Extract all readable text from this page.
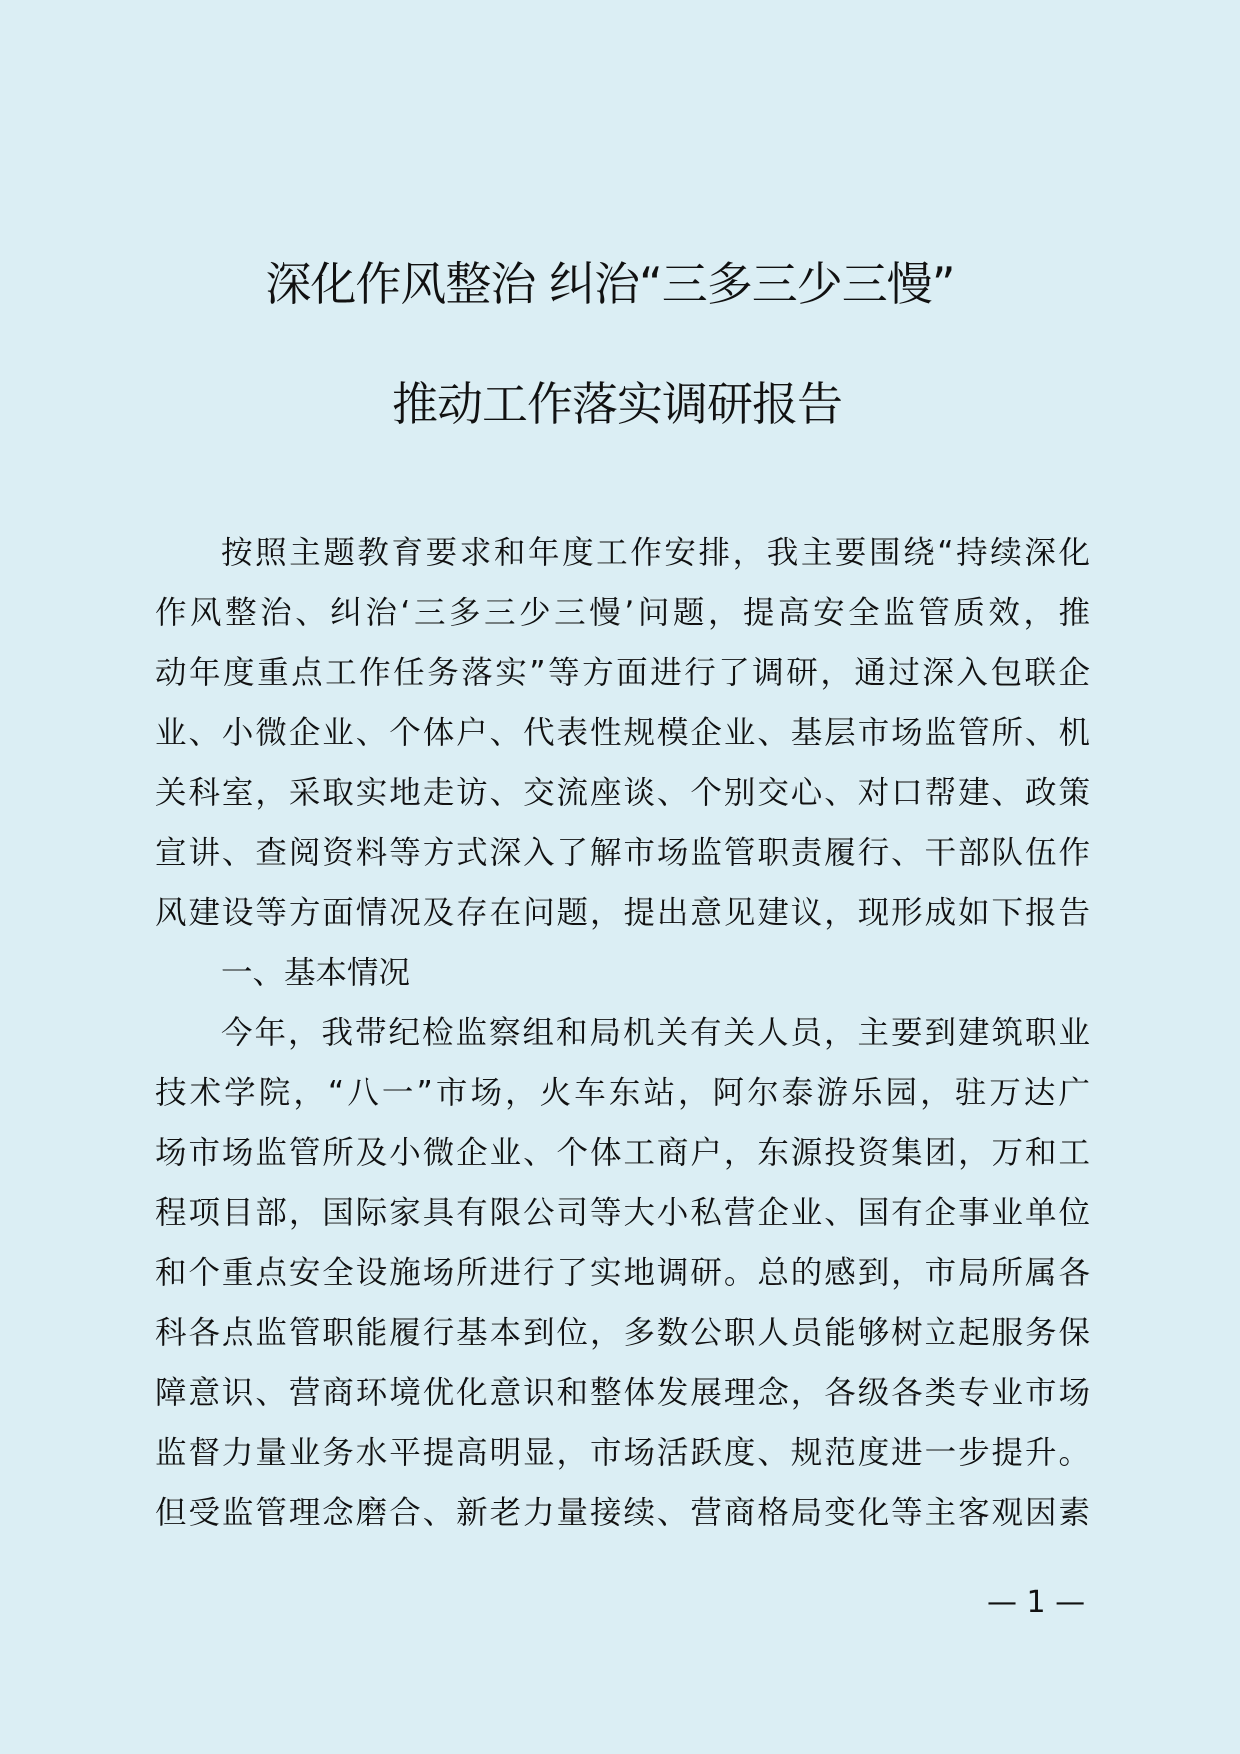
深化作风整治 纠治“三多三少三慢”
推动工作落实调研报告
按照主题教育要求和年度工作安排，我主要围绕“持续深化
作风整治、纠治‘三多三少三慢’问题，提高安全监管质效，推
动年度重点工作任务落实”等方面进行了调研，通过深入包联企
业、小微企业、个体户、代表性规模企业、基层市场监管所、机
关科室，采取实地走访、交流座谈、个别交心、对口帮建、政策
宣讲、查阅资料等方式深入了解市场监管职责履行、干部队伍作
风建设等方面情况及存在问题，提出意见建议，现形成如下报告
一、基本情况
今年，我带纪检监察组和局机关有关人员，主要到建筑职业
技术学院，“八一”市场，火车东站，阿尔泰游乐园，驻万达广
场市场监管所及小微企业、个体工商户，东源投资集团，万和工
程项目部，国际家具有限公司等大小私营企业、国有企事业单位
和个重点安全设施场所进行了实地调研。总的感到，市局所属各
科各点监管职能履行基本到位，多数公职人员能够树立起服务保
障意识、营商环境优化意识和整体发展理念，各级各类专业市场
监督力量业务水平提高明显，市场活跃度、规范度进一步提升。
但受监管理念磨合、新老力量接续、营商格局变化等主客观因素
— 1 —
